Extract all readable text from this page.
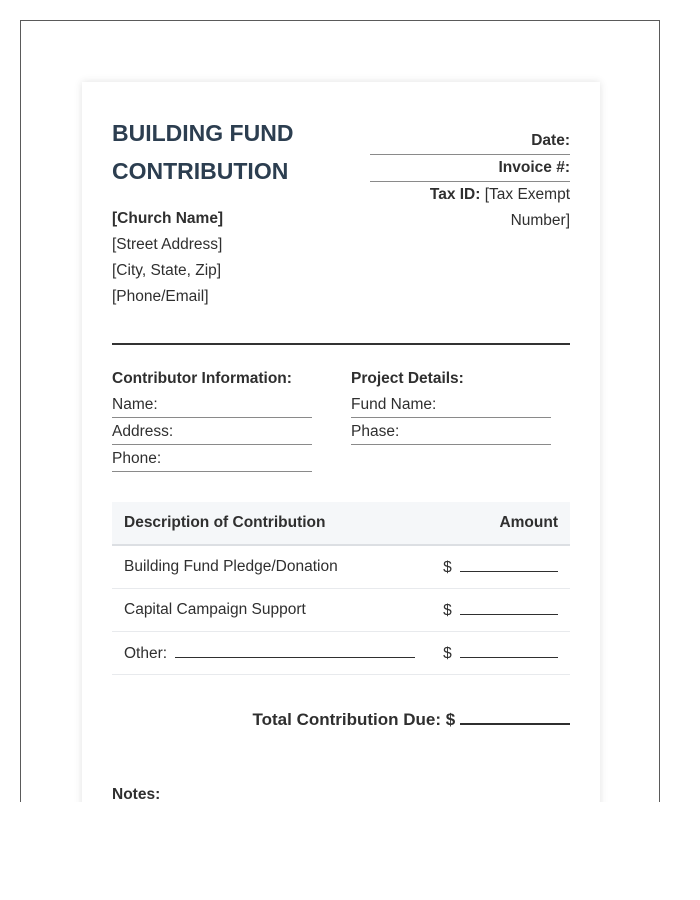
BUILDING FUND
CONTRIBUTION
Date:
Invoice #:
Tax ID: [Tax Exempt Number]
[Church Name]
[Street Address]
[City, State, Zip]
[Phone/Email]
Contributor Information:
Name:
Address:
Phone:
Project Details:
Fund Name:
Phase:
Description of Contribution	Amount
Building Fund Pledge/Donation	$
Capital Campaign Support	$
Other:	$
Total Contribution Due: $
Notes:
